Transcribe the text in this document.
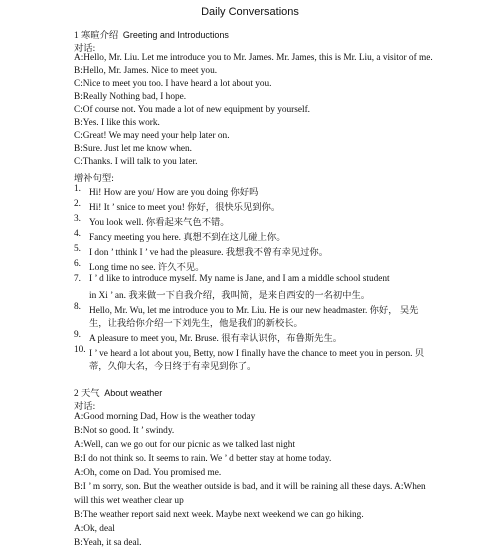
Daily Conversations
1 寒暄介绍 Greeting and Introductions
对话:
A:Hello, Mr. Liu. Let me introduce you to Mr. James. Mr. James, this is Mr. Liu, a visitor of me.
B:Hello, Mr. James. Nice to meet you.
C:Nice to meet you too. I have heard a lot about you.
B:Really Nothing bad, I hope.
C:Of course not. You made a lot of new equipment by yourself.
B:Yes. I like this work.
C:Great! We may need your help later on.
B:Sure. Just let me know when.
C:Thanks. I will talk to you later.
增补句型:
1. Hi! How are you/ How are you doing 你好吗
2. Hi! It ’ snice to meet you! 你好，很快乐见到你。
3. You look well. 你看起来气色不错。
4. Fancy meeting you here. 真想不到在这儿碰上你。
5. I don ’ tthink I ’ ve had the pleasure. 我想我不曾有幸见过你。
6. Long time no see. 许久不见。
7. I ’ d like to introduce myself. My name is Jane, and I am a middle school student
in Xi ’ an. 我来做一下自我介绍，我叫简，是来自西安的一名初中生。
8. Hello, Mr. Wu, let me introduce you to Mr. Liu. He is our new headmaster. 你好， 吴先
生，让我给你介绍一下刘先生，他是我们的新校长。
9. A pleasure to meet you, Mr. Bruse. 很有幸认识你，布鲁斯先生。
10. I ’ ve heard a lot about you, Betty, now I finally have the chance to meet you in person. 贝
蒂，久仰大名，今日终于有幸见到你了。
2 天气 About weather
对话:
A:Good morning Dad, How is the weather today
B:Not so good. It ’ swindy.
A:Well, can we go out for our picnic as we talked last night
B:I do not think so. It seems to rain. We ’ d better stay at home today.
A:Oh, come on Dad. You promised me.
B:I ’ m sorry, son. But the weather outside is bad, and it will be raining all these days. A:When
will this wet weather clear up
B:The weather report said next week. Maybe next weekend we can go hiking.
A:Ok, deal
B:Yeah, it sa deal.
